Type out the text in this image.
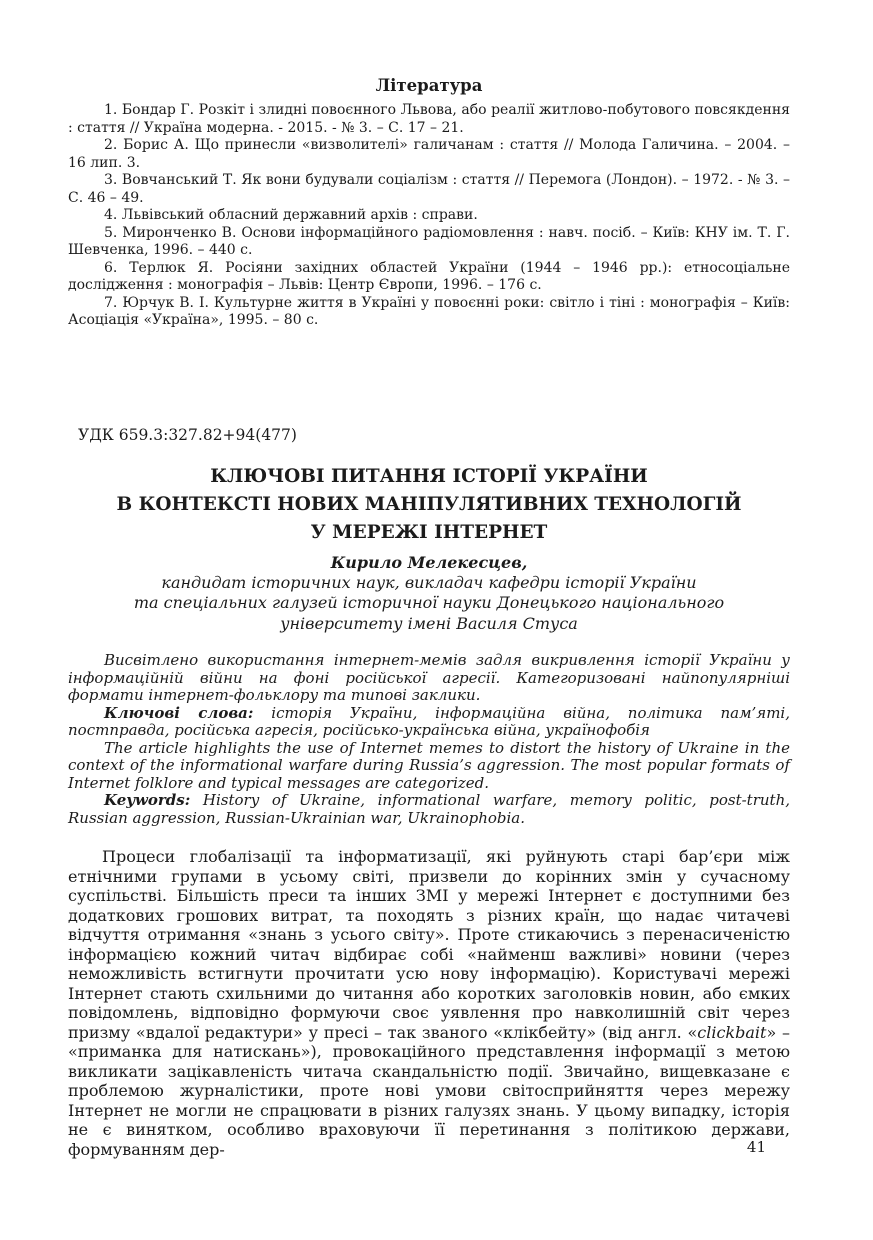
Література

1. Бондар Г. Розкіт і злидні повоєнного Львова, або реалії житлово-побутового повсякдення : стаття // Україна модерна. - 2015. - № 3. – С. 17 – 21.

2. Борис А. Що принесли «визволителі» галичанам : стаття // Молода Галичина. – 2004. – 16 лип. 3.

3. Вовчанський Т. Як вони будували соціалізм : стаття // Перемога (Лондон). – 1972. - № 3. – С. 46 – 49.

4. Львівський обласний державний архів : справи.

5. Миронченко В. Основи інформаційного радіомовлення : навч. посіб. – Київ: КНУ ім. Т. Г. Шевченка, 1996. – 440 с.

6. Терлюк Я. Росіяни західних областей України (1944 – 1946 рр.): етносоціальне дослідження : монографія – Львів: Центр Європи, 1996. – 176 с.

7. Юрчук В. І. Культурне життя в Україні у повоєнні роки: світло і тіні : монографія – Київ: Асоціація «Україна», 1995. – 80 с.

УДК 659.3:327.82+94(477)

КЛЮЧОВІ ПИТАННЯ ІСТОРІЇ УКРАЇНИ
В КОНТЕКСТІ НОВИХ МАНІПУЛЯТИВНИХ ТЕХНОЛОГІЙ
У МЕРЕЖІ ІНТЕРНЕТ
Кирило Мелекесцев,
кандидат історичних наук, викладач кафедри історії України
та спеціальних галузей історичної науки Донецького національного
університету імені Василя Стуса

Висвітлено використання інтернет-мемів задля викривлення історії України у інформаційній війни на фоні російської агресії. Категоризовані найпопулярніші формати інтернет-фольклору та типові заклики.

Ключові слова: історія України, інформаційна війна, політика пам’яті, постправда, російська агресія, російсько-українська війна, українофобія

The article highlights the use of Internet memes to distort the history of Ukraine in the context of the informational warfare during Russia’s aggression. The most popular formats of Internet folklore and typical messages are categorized.

Keywords: History of Ukraine, informational warfare, memory politic, post-truth, Russian aggression, Russian-Ukrainian war, Ukrainophobia.

Процеси глобалізації та інформатизації, які руйнують старі бар’єри між етнічними групами в усьому світі, призвели до корінних змін у сучасному суспільстві. Більшість преси та інших ЗМІ у мережі Інтернет є доступними без додаткових грошових витрат, та походять з різних країн, що надає читачеві відчуття отримання «знань з усього світу». Проте стикаючись з перенасиченістю інформацією кожний читач відбирає собі «найменш важливі» новини (через неможливість встигнути прочитати усю нову інформацію). Користувачі мережі Інтернет стають схильними до читання або коротких заголовків новин, або ємких повідомлень, відповідно формуючи своє уявлення про навколишній світ через призму «вдалої редактури» у пресі – так званого «клікбейту» (від англ. «clickbait» – «приманка для натискань»), провокаційного представлення інформації з метою викликати зацікавленість читача скандальністю події. Звичайно, вищевказане є проблемою журналістики, проте нові умови світосприйняття через мережу Інтернет не могли не спрацювати в різних галузях знань. У цьому випадку, історія не є винятком, особливо враховуючи її перетинання з політикою держави, формуванням дер-	41
